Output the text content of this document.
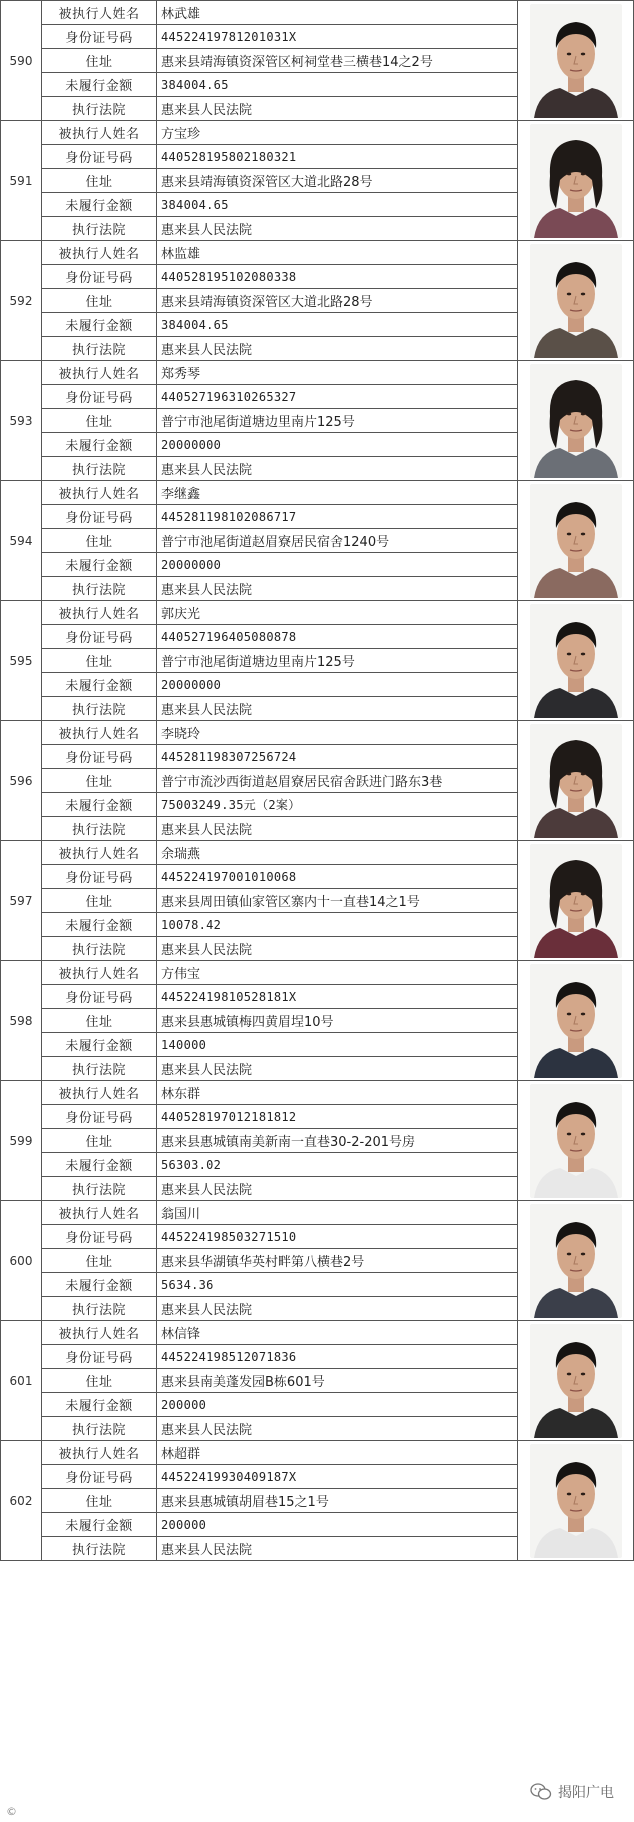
590
被执行人姓名	林武雄
身份证号码	44522419781201031X
住址	惠来县靖海镇资深管区柯祠堂巷三横巷14之2号
未履行金额	384004.65
执行法院	惠来县人民法院
591
被执行人姓名	方宝珍
身份证号码	440528195802180321
住址	惠来县靖海镇资深管区大道北路28号
未履行金额	384004.65
执行法院	惠来县人民法院
592
被执行人姓名	林监雄
身份证号码	440528195102080338
住址	惠来县靖海镇资深管区大道北路28号
未履行金额	384004.65
执行法院	惠来县人民法院
593
被执行人姓名	郑秀琴
身份证号码	440527196310265327
住址	普宁市池尾街道塘边里南片125号
未履行金额	20000000
执行法院	惠来县人民法院
594
被执行人姓名	李继鑫
身份证号码	445281198102086717
住址	普宁市池尾街道赵眉寮居民宿舍1240号
未履行金额	20000000
执行法院	惠来县人民法院
595
被执行人姓名	郭庆光
身份证号码	440527196405080878
住址	普宁市池尾街道塘边里南片125号
未履行金额	20000000
执行法院	惠来县人民法院
596
被执行人姓名	李晓玲
身份证号码	445281198307256724
住址	普宁市流沙西街道赵眉寮居民宿舍跃进门路东3巷
未履行金额	75003249.35元（2案）
执行法院	惠来县人民法院
597
被执行人姓名	余瑞燕
身份证号码	445224197001010068
住址	惠来县周田镇仙家管区寨内十一直巷14之1号
未履行金额	10078.42
执行法院	惠来县人民法院
598
被执行人姓名	方伟宝
身份证号码	44522419810528181X
住址	惠来县惠城镇梅四黄眉埕10号
未履行金额	140000
执行法院	惠来县人民法院
599
被执行人姓名	林东群
身份证号码	440528197012181812
住址	惠来县惠城镇南美新南一直巷30-2-201号房
未履行金额	56303.02
执行法院	惠来县人民法院
600
被执行人姓名	翁国川
身份证号码	445224198503271510
住址	惠来县华湖镇华英村畔第八横巷2号
未履行金额	5634.36
执行法院	惠来县人民法院
601
被执行人姓名	林信锋
身份证号码	445224198512071836
住址	惠来县南美蓬发园B栋601号
未履行金额	200000
执行法院	惠来县人民法院
602
被执行人姓名	林超群
身份证号码	44522419930409187X
住址	惠来县惠城镇胡眉巷15之1号
未履行金额	200000
执行法院	惠来县人民法院
揭阳广电
©
